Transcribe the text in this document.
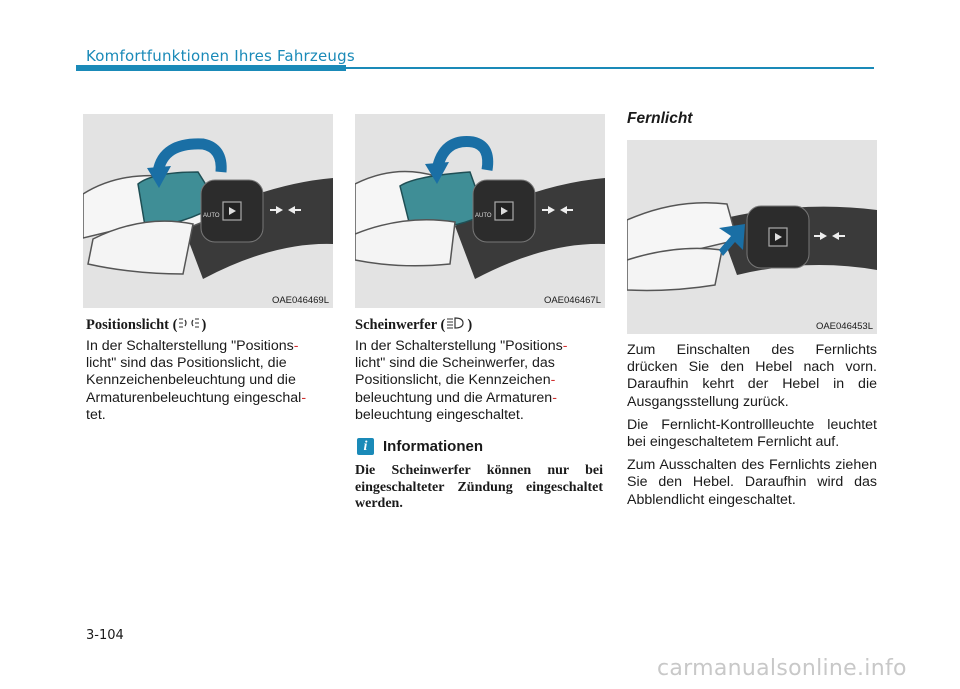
Komfortfunktionen Ihres Fahrzeugs
AUTO
OAE046469L
AUTO
OAE046467L
OAE046453L
Positionslicht ( )
In der Schalterstellung "Positions-
licht" sind das Positionslicht, die
Kennzeichenbeleuchtung und die
Armaturenbeleuchtung eingeschal-
tet.
Scheinwerfer ( )
In der Schalterstellung "Positions-
licht" sind die Scheinwerfer, das
Positionslicht, die Kennzeichen-
beleuchtung und die Armaturen-
beleuchtung eingeschaltet.
i	Informationen
Die Scheinwerfer können nur bei eingeschalteter Zündung eingeschaltet werden.
Fernlicht

Zum Einschalten des Fernlichts drücken Sie den Hebel nach vorn. Daraufhin kehrt der Hebel in die Ausgangsstellung zurück.

Die Fernlicht-Kontrollleuchte leuchtet bei eingeschaltetem Fernlicht auf.

Zum Ausschalten des Fernlichts ziehen Sie den Hebel. Daraufhin wird das Abblendlicht eingeschaltet.

3-104
carmanualsonline.info
